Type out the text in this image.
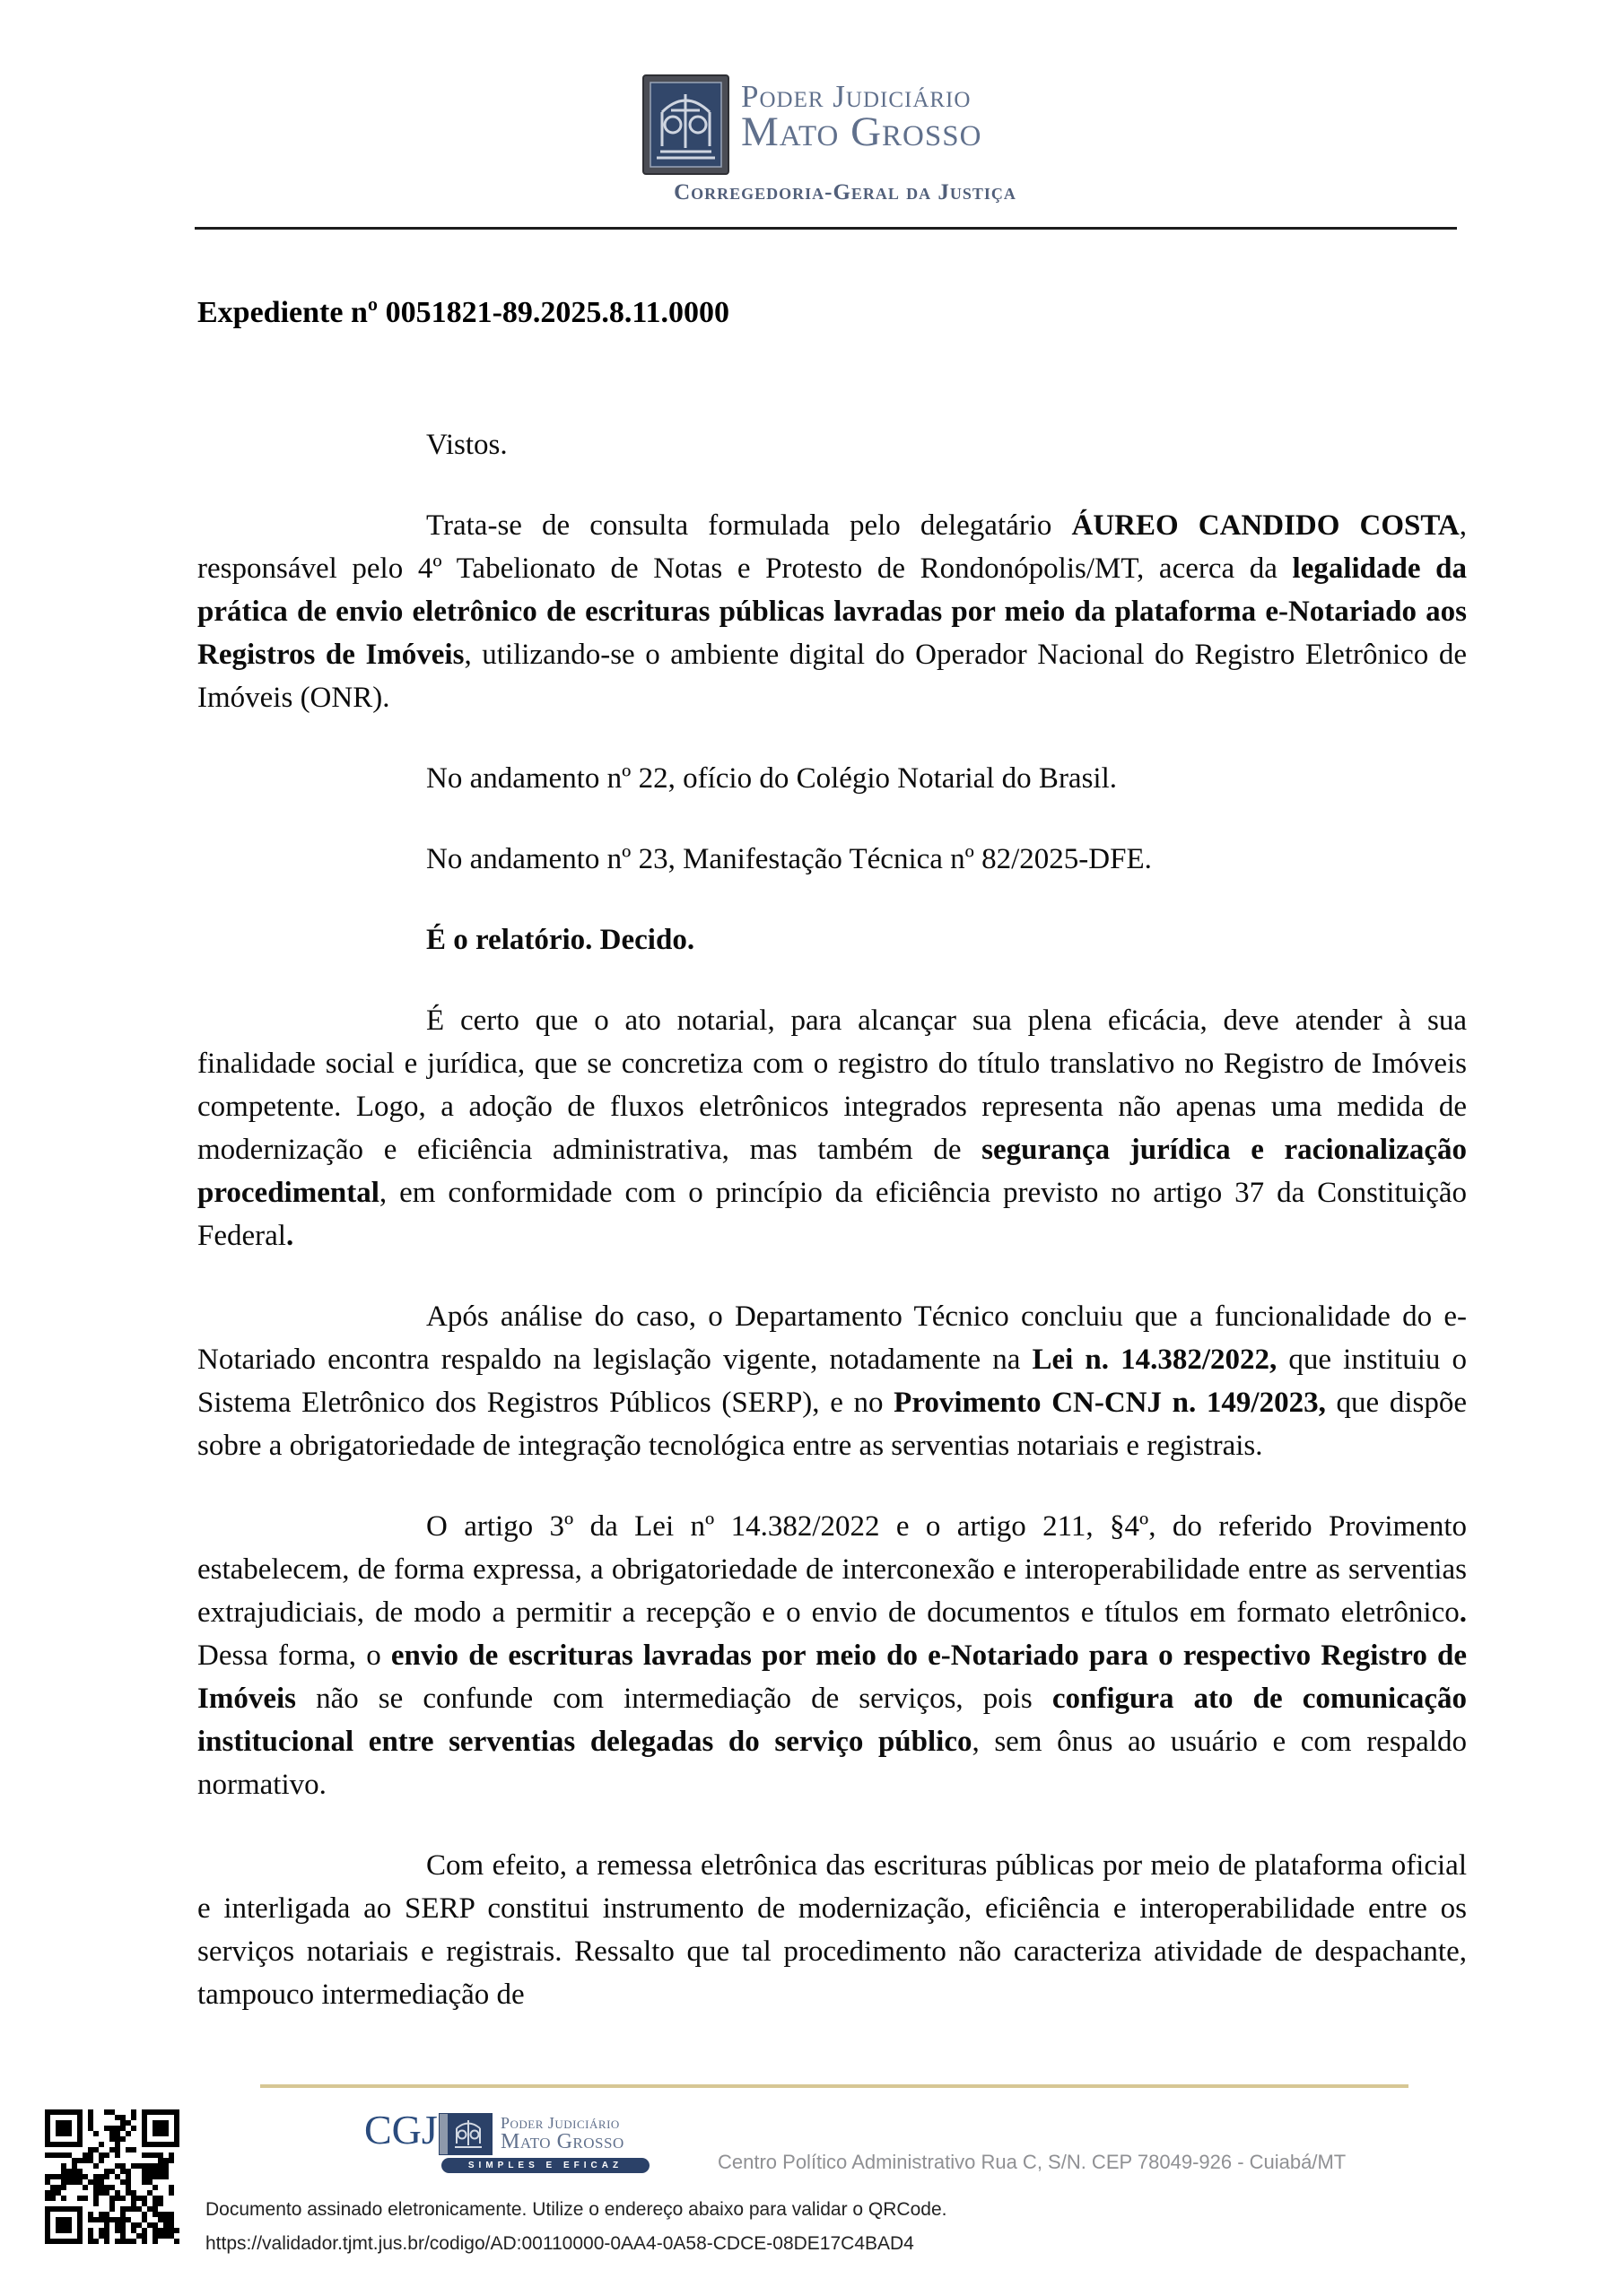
Poder Judiciário
Mato Grosso
Corregedoria-Geral da Justiça
Expediente nº 0051821-89.2025.8.11.0000

Vistos.

Trata-se de consulta formulada pelo delegatário ÁUREO CANDIDO COSTA, responsável pelo 4º Tabelionato de Notas e Protesto de Rondonópolis/MT, acerca da legalidade da prática de envio eletrônico de escrituras públicas lavradas por meio da plataforma e-Notariado aos Registros de Imóveis, utilizando-se o ambiente digital do Operador Nacional do Registro Eletrônico de Imóveis (ONR).

No andamento nº 22, ofício do Colégio Notarial do Brasil.

No andamento nº 23, Manifestação Técnica nº 82/2025-DFE.

É o relatório. Decido.

É certo que o ato notarial, para alcançar sua plena eficácia, deve atender à sua finalidade social e jurídica, que se concretiza com o registro do título translativo no Registro de Imóveis competente. Logo, a adoção de fluxos eletrônicos integrados representa não apenas uma medida de modernização e eficiência administrativa, mas também de segurança jurídica e racionalização procedimental, em conformidade com o princípio da eficiência previsto no artigo 37 da Constituição Federal.

Após análise do caso, o Departamento Técnico concluiu que a funcionalidade do e-Notariado encontra respaldo na legislação vigente, notadamente na Lei n. 14.382/2022, que instituiu o Sistema Eletrônico dos Registros Públicos (SERP), e no Provimento CN-CNJ n. 149/2023, que dispõe sobre a obrigatoriedade de integração tecnológica entre as serventias notariais e registrais.

O artigo 3º da Lei nº 14.382/2022 e o artigo 211, §4º, do referido Provimento estabelecem, de forma expressa, a obrigatoriedade de interconexão e interoperabilidade entre as serventias extrajudiciais, de modo a permitir a recepção e o envio de documentos e títulos em formato eletrônico. Dessa forma, o envio de escrituras lavradas por meio do e-Notariado para o respectivo Registro de Imóveis não se confunde com intermediação de serviços, pois configura ato de comunicação institucional entre serventias delegadas do serviço público, sem ônus ao usuário e com respaldo normativo.

Com efeito, a remessa eletrônica das escrituras públicas por meio de plataforma oficial e interligada ao SERP constitui instrumento de modernização, eficiência e interoperabilidade entre os serviços notariais e registrais. Ressalto que tal procedimento não caracteriza atividade de despachante, tampouco intermediação de

CGJ	Poder Judiciário
Mato Grosso
SIMPLES E EFICAZ	Centro Político Administrativo Rua C, S/N. CEP 78049-926 - Cuiabá/MT
Documento assinado eletronicamente. Utilize o endereço abaixo para validar o QRCode.
https://validador.tjmt.jus.br/codigo/AD:00110000-0AA4-0A58-CDCE-08DE17C4BAD4
